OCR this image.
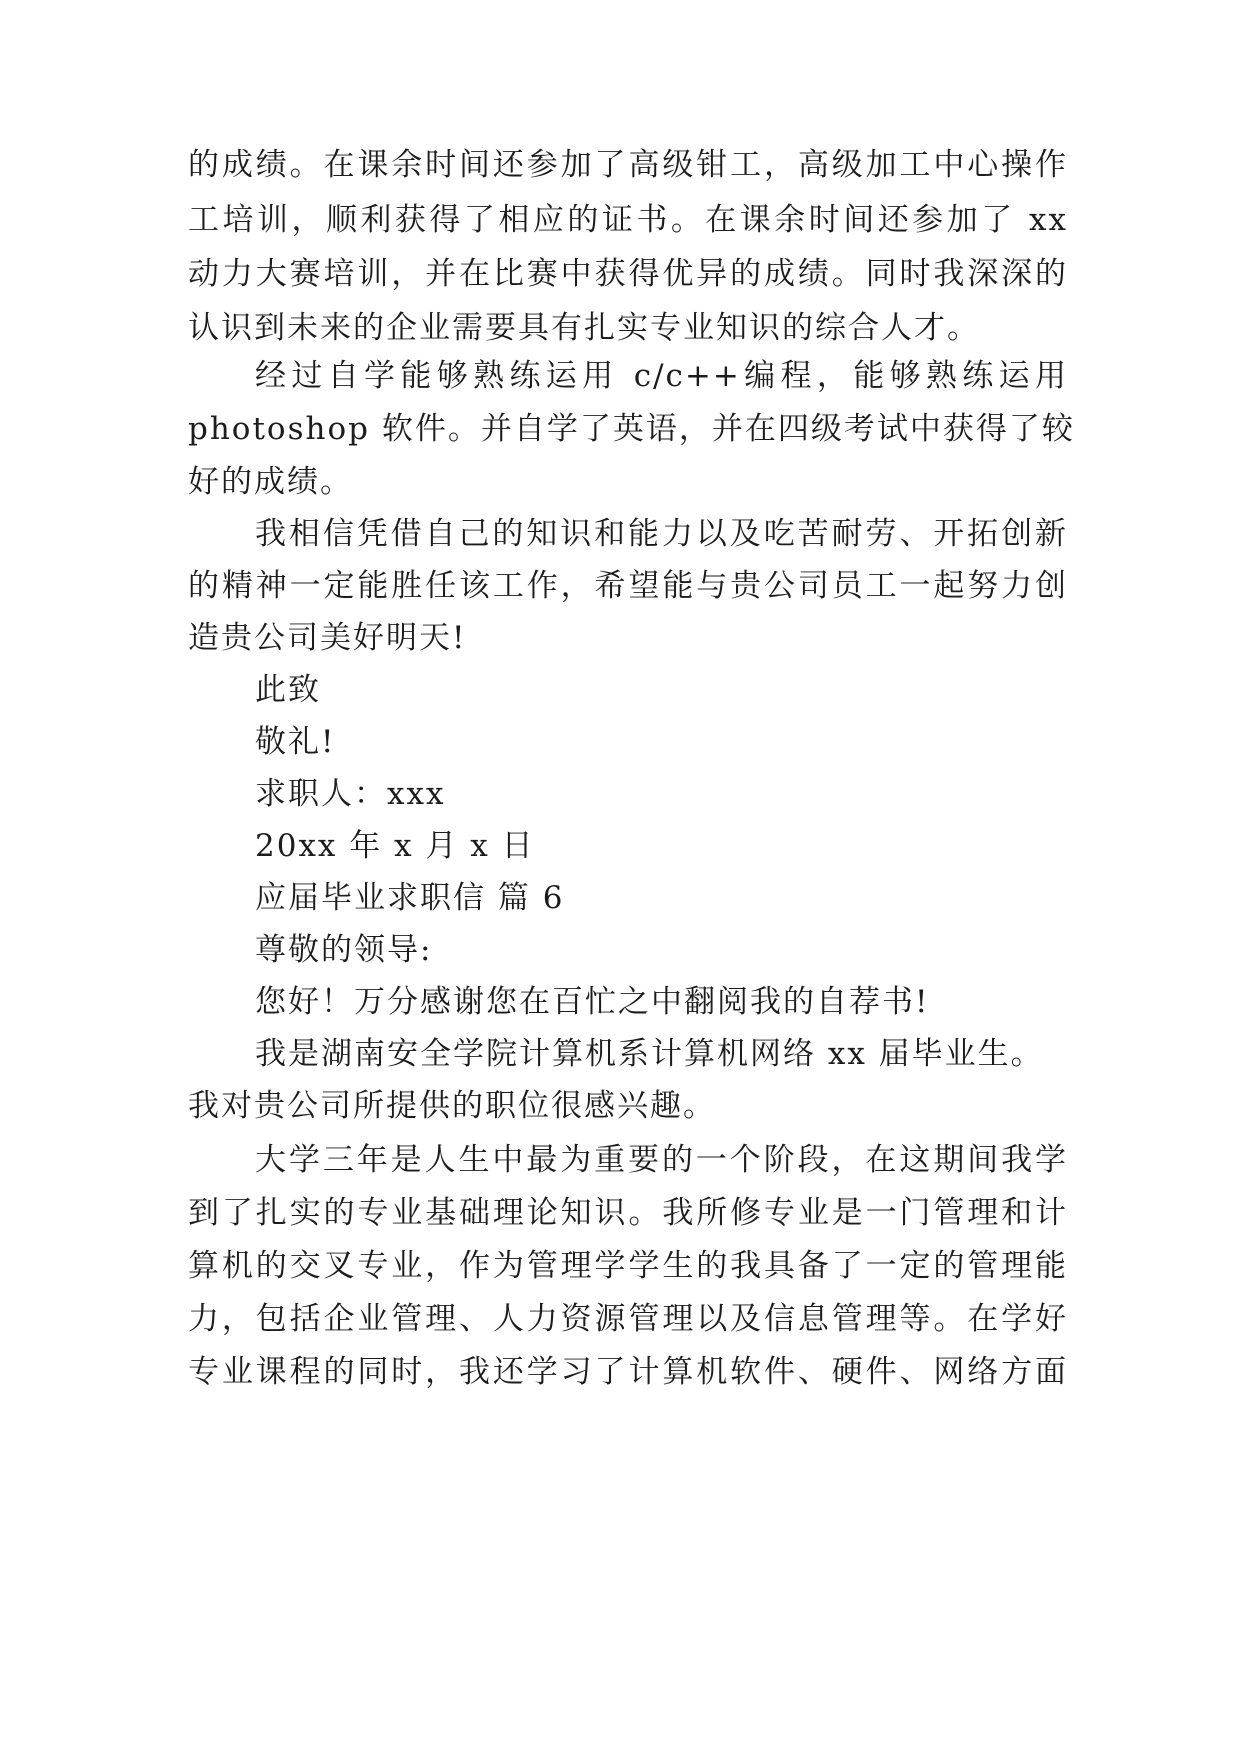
的成绩。在课余时间还参加了高级钳工，高级加工中心操作
工培训，顺利获得了相应的证书。在课余时间还参加了 xx
动力大赛培训，并在比赛中获得优异的成绩。同时我深深的
认识到未来的企业需要具有扎实专业知识的综合人才。
经过自学能够熟练运用 c/c++编程，能够熟练运用
photoshop 软件。并自学了英语，并在四级考试中获得了较
好的成绩。
我相信凭借自己的知识和能力以及吃苦耐劳、开拓创新
的精神一定能胜任该工作，希望能与贵公司员工一起努力创
造贵公司美好明天!
此致
敬礼!
求职人：xxx
20xx 年 x 月 x 日
应届毕业求职信 篇 6
尊敬的领导:
您好！万分感谢您在百忙之中翻阅我的自荐书!
我是湖南安全学院计算机系计算机网络 xx 届毕业生。
我对贵公司所提供的职位很感兴趣。
大学三年是人生中最为重要的一个阶段，在这期间我学
到了扎实的专业基础理论知识。我所修专业是一门管理和计
算机的交叉专业，作为管理学学生的我具备了一定的管理能
力，包括企业管理、人力资源管理以及信息管理等。在学好
专业课程的同时，我还学习了计算机软件、硬件、网络方面
